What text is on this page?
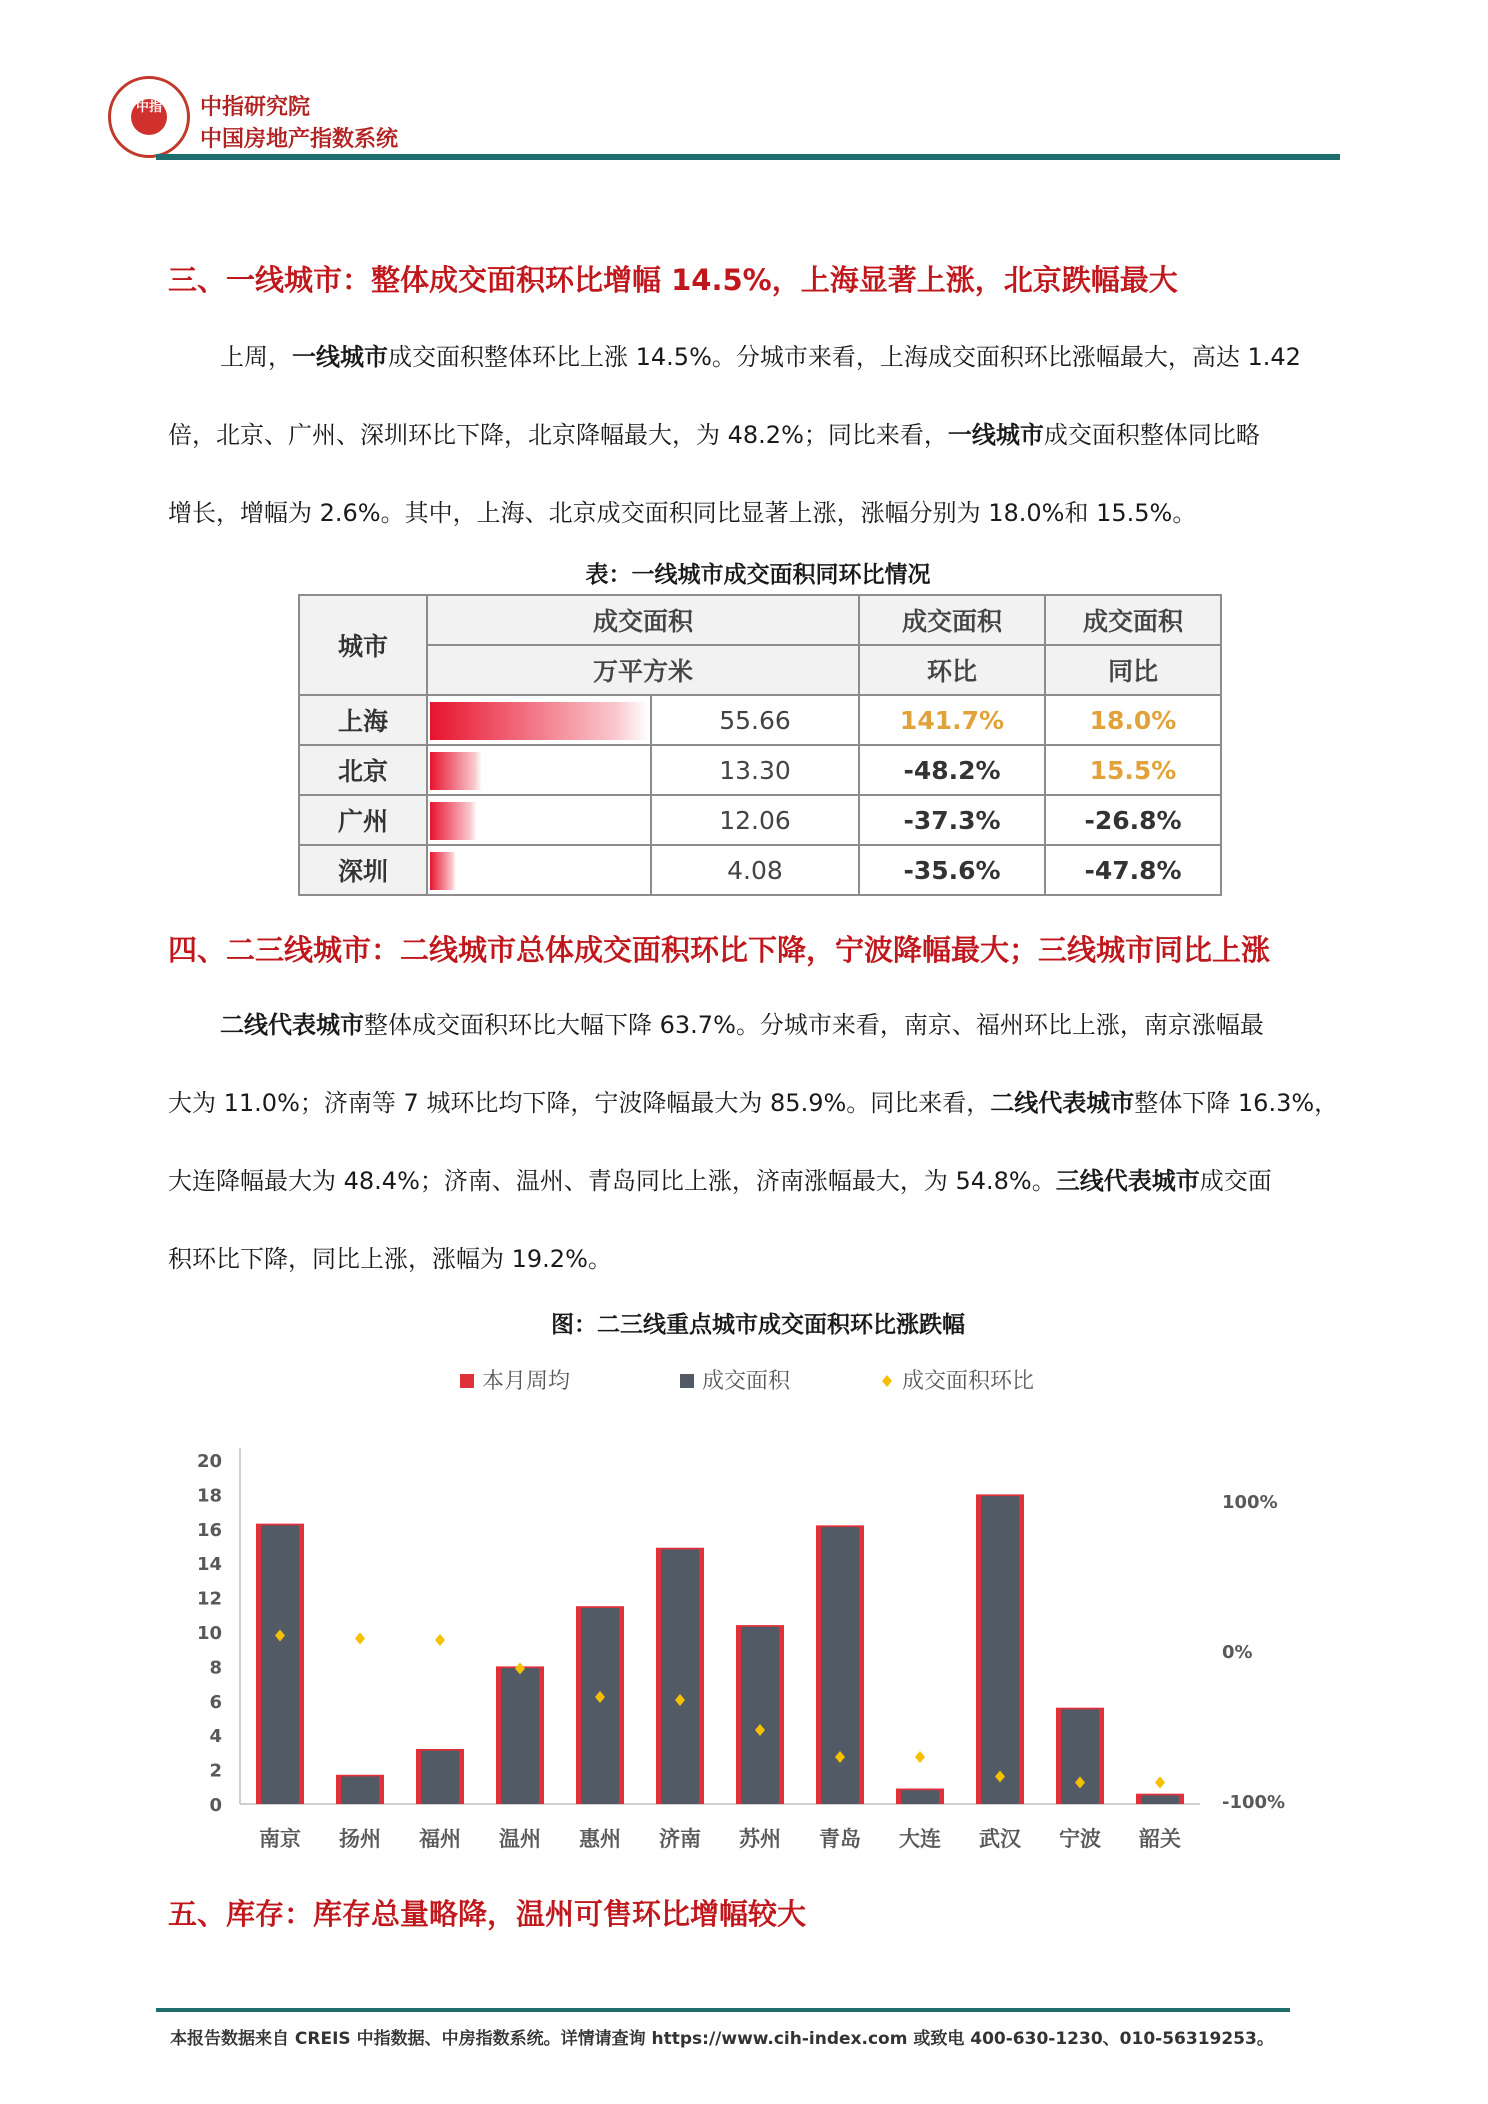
中指 中指研究院
中国房地产指数系统
三、一线城市：整体成交面积环比增幅 14.5%，上海显著上涨，北京跌幅最大
上周，一线城市成交面积整体环比上涨 14.5%。分城市来看，上海成交面积环比涨幅最大，高达 1.42
倍，北京、广州、深圳环比下降，北京降幅最大，为 48.2%；同比来看，一线城市成交面积整体同比略
增长，增幅为 2.6%。其中，上海、北京成交面积同比显著上涨，涨幅分别为 18.0%和 15.5%。
表：一线城市成交面积同环比情况
城市	成交面积		成交面积	成交面积
	万平方米		环比	同比
上海		55.66	141.7%	18.0%
北京		13.30	-48.2%	15.5%
广州		12.06	-37.3%	-26.8%
深圳		4.08	-35.6%	-47.8%
四、二三线城市：二线城市总体成交面积环比下降，宁波降幅最大；三线城市同比上涨
二线代表城市整体成交面积环比大幅下降 63.7%。分城市来看，南京、福州环比上涨，南京涨幅最
大为 11.0%；济南等 7 城环比均下降，宁波降幅最大为 85.9%。同比来看，二线代表城市整体下降 16.3%，
大连降幅最大为 48.4%；济南、温州、青岛同比上涨，济南涨幅最大，为 54.8%。三线代表城市成交面
积环比下降，同比上涨，涨幅为 19.2%。
图：二三线重点城市成交面积环比涨跌幅
本月周均	成交面积	成交面积环比
0
2
4
6
8
10
12
14
16
18
20
100%
0%
-100%
南京 扬州 福州 温州 惠州 济南 苏州 青岛 大连 武汉 宁波 韶关
五、库存：库存总量略降，温州可售环比增幅较大
本报告数据来自 CREIS 中指数据、中房指数系统。详情请查询 https://www.cih-index.com 或致电 400-630-1230、010-56319253。
